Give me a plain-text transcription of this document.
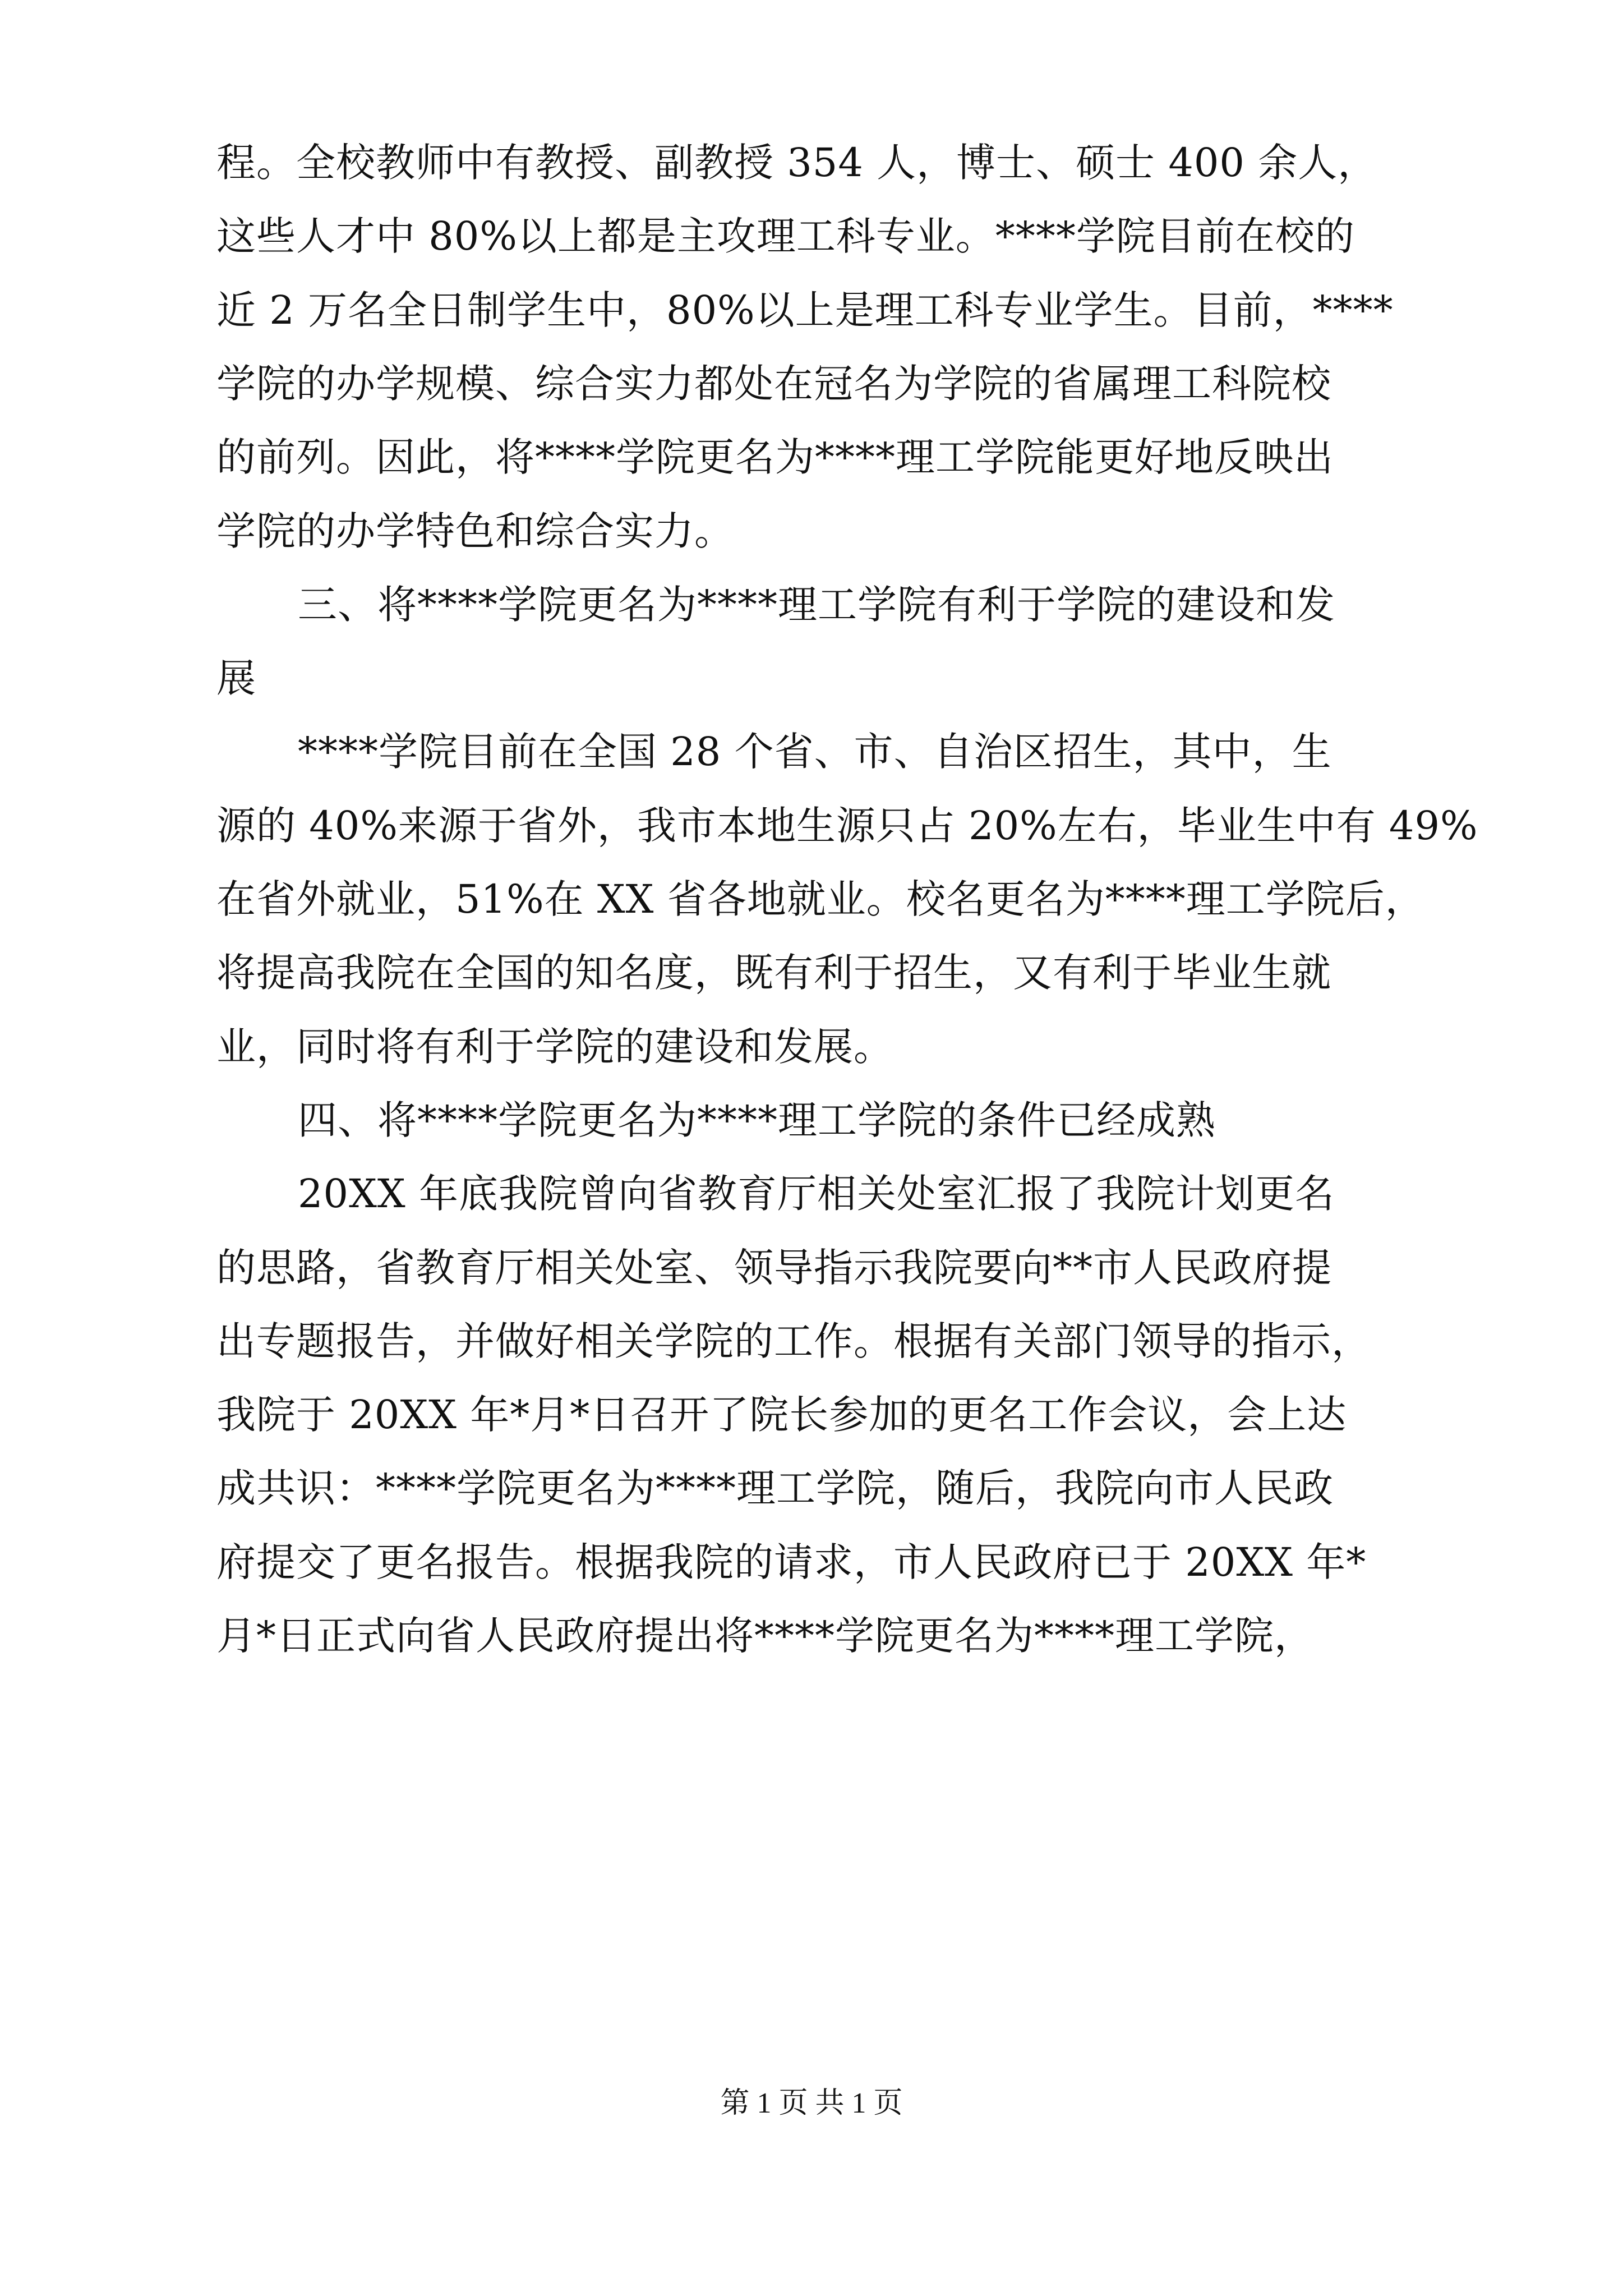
程。全校教师中有教授、副教授 354 人，博士、硕士 400 余人，
这些人才中 80%以上都是主攻理工科专业。****学院目前在校的
近 2 万名全日制学生中，80%以上是理工科专业学生。目前，****
学院的办学规模、综合实力都处在冠名为学院的省属理工科院校
的前列。因此，将****学院更名为****理工学院能更好地反映出
学院的办学特色和综合实力。
三、将****学院更名为****理工学院有利于学院的建设和发
展
****学院目前在全国 28 个省、市、自治区招生，其中，生
源的 40%来源于省外，我市本地生源只占 20%左右，毕业生中有 49%
在省外就业，51%在 XX 省各地就业。校名更名为****理工学院后，
将提高我院在全国的知名度，既有利于招生，又有利于毕业生就
业，同时将有利于学院的建设和发展。
四、将****学院更名为****理工学院的条件已经成熟
20XX 年底我院曾向省教育厅相关处室汇报了我院计划更名
的思路，省教育厅相关处室、领导指示我院要向**市人民政府提
出专题报告，并做好相关学院的工作。根据有关部门领导的指示，
我院于 20XX 年*月*日召开了院长参加的更名工作会议，会上达
成共识：****学院更名为****理工学院，随后，我院向市人民政
府提交了更名报告。根据我院的请求，市人民政府已于 20XX 年*
月*日正式向省人民政府提出将****学院更名为****理工学院，
第 1 页 共 1 页
